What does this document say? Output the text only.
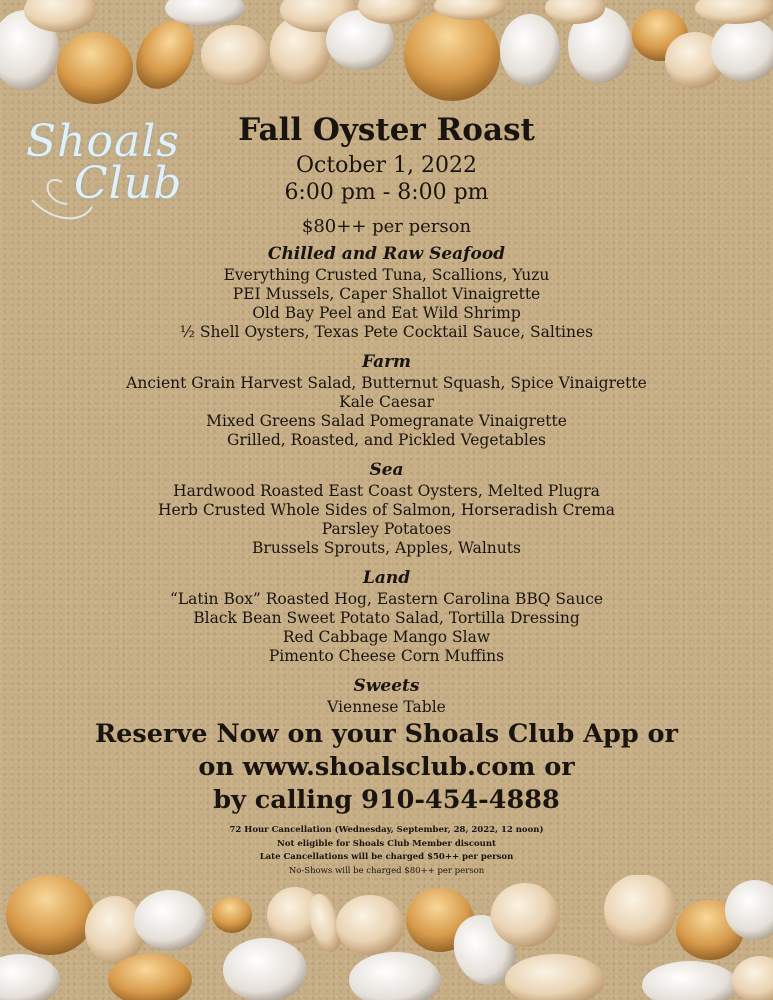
Shoals
Club
Fall Oyster Roast
October 1, 2022
6:00 pm - 8:00 pm
$80++ per person
Chilled and Raw Seafood
Everything Crusted Tuna, Scallions, Yuzu
PEI Mussels, Caper Shallot Vinaigrette
Old Bay Peel and Eat Wild Shrimp
½ Shell Oysters, Texas Pete Cocktail Sauce, Saltines
Farm
Ancient Grain Harvest Salad, Butternut Squash, Spice Vinaigrette
Kale Caesar
Mixed Greens Salad Pomegranate Vinaigrette
Grilled, Roasted, and Pickled Vegetables
Sea
Hardwood Roasted East Coast Oysters, Melted Plugra
Herb Crusted Whole Sides of Salmon, Horseradish Crema
Parsley Potatoes
Brussels Sprouts, Apples, Walnuts
Land
“Latin Box” Roasted Hog, Eastern Carolina BBQ Sauce
Black Bean Sweet Potato Salad, Tortilla Dressing
Red Cabbage Mango Slaw
Pimento Cheese Corn Muffins
Sweets
Viennese Table
Reserve Now on your Shoals Club App or
on www.shoalsclub.com or
by calling 910-454-4888
72 Hour Cancellation (Wednesday, September, 28, 2022, 12 noon)
Not eligible for Shoals Club Member discount
Late Cancellations will be charged $50++ per person
No-Shows will be charged $80++ per person
